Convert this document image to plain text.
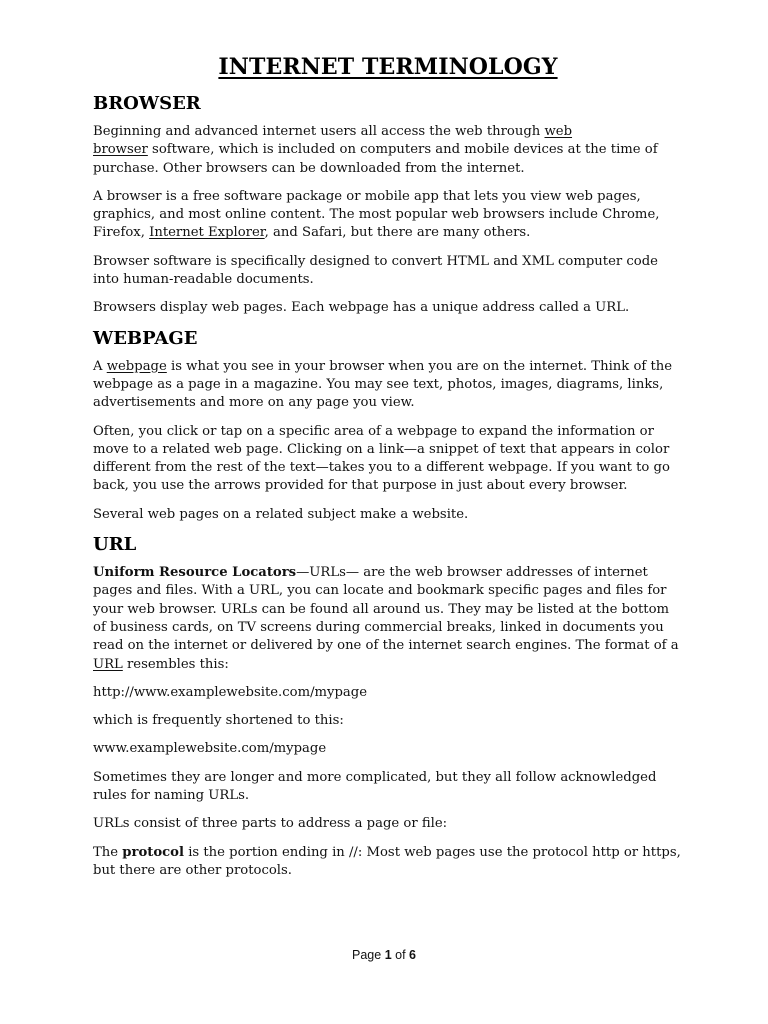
INTERNET TERMINOLOGY
BROWSER

Beginning and advanced internet users all access the web through web
browser software, which is included on computers and mobile devices at the time of purchase. Other browsers can be downloaded from the internet.

A browser is a free software package or mobile app that lets you view web pages, graphics, and most online content. The most popular web browsers include Chrome, Firefox, Internet Explorer, and Safari, but there are many others.

Browser software is specifically designed to convert HTML and XML computer code into human-readable documents.

Browsers display web pages. Each webpage has a unique address called a URL.

WEBPAGE

A webpage is what you see in your browser when you are on the internet. Think of the webpage as a page in a magazine. You may see text, photos, images, diagrams, links, advertisements and more on any page you view.

Often, you click or tap on a specific area of a webpage to expand the information or move to a related web page. Clicking on a link—a snippet of text that appears in color different from the rest of the text—takes you to a different webpage. If you want to go back, you use the arrows provided for that purpose in just about every browser.

Several web pages on a related subject make a website.

URL

Uniform Resource Locators—URLs— are the web browser addresses of internet pages and files. With a URL, you can locate and bookmark specific pages and files for your web browser. URLs can be found all around us. They may be listed at the bottom of business cards, on TV screens during commercial breaks, linked in documents you read on the internet or delivered by one of the internet search engines. The format of a URL resembles this:

http://www.examplewebsite.com/mypage

which is frequently shortened to this:

www.examplewebsite.com/mypage

Sometimes they are longer and more complicated, but they all follow acknowledged rules for naming URLs.

URLs consist of three parts to address a page or file:

The protocol is the portion ending in //: Most web pages use the protocol http or https, but there are other protocols.

Page 1 of 6
